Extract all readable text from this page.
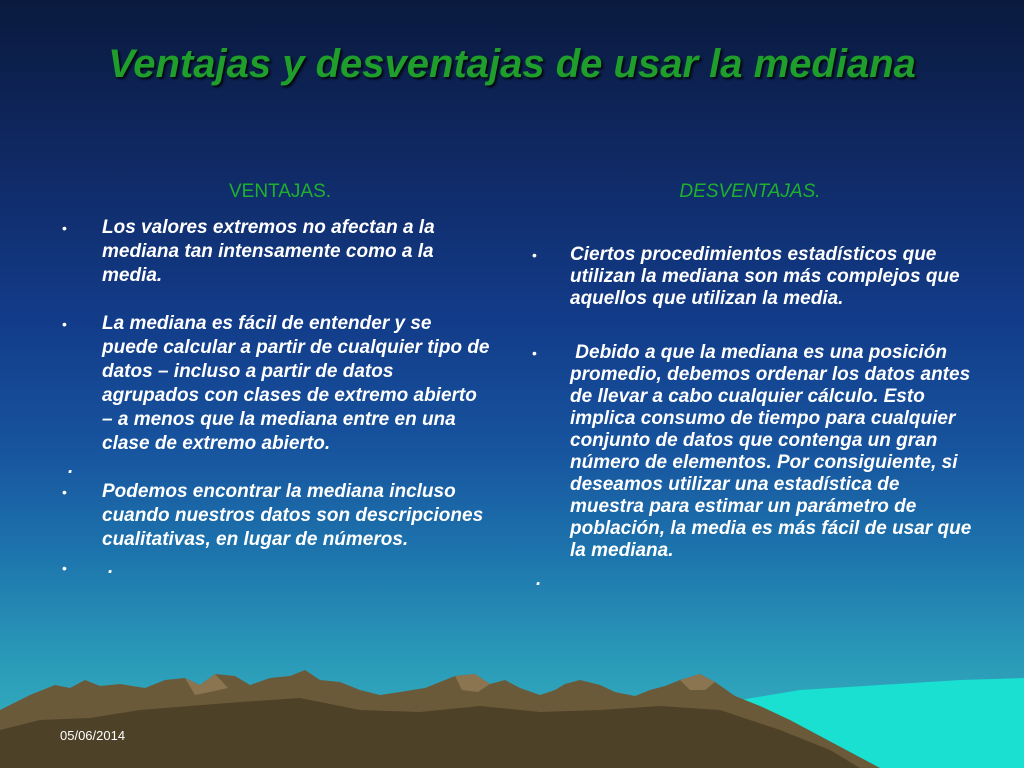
Ventajas y desventajas de usar la mediana
VENTAJAS.	DESVENTAJAS.
• Los valores extremos no afectan a la mediana tan intensamente como a la media.
• La mediana es fácil de entender y se puede calcular a partir de cualquier tipo de datos – incluso a partir de datos agrupados con clases de extremo abierto – a menos que la mediana entre en una clase de extremo abierto.
.
• Podemos encontrar la mediana incluso cuando nuestros datos son descripciones cualitativas, en lugar de números.
• .
• Ciertos procedimientos estadísticos que utilizan la mediana son más complejos que aquellos que utilizan la media.
• Debido a que la mediana es una posición promedio, debemos ordenar los datos antes de llevar a cabo cualquier cálculo. Esto implica consumo de tiempo para cualquier conjunto de datos que contenga un gran número de elementos. Por consiguiente, si deseamos utilizar una estadística de muestra para estimar un parámetro de población, la media es más fácil de usar que la mediana.
.
05/06/2014
